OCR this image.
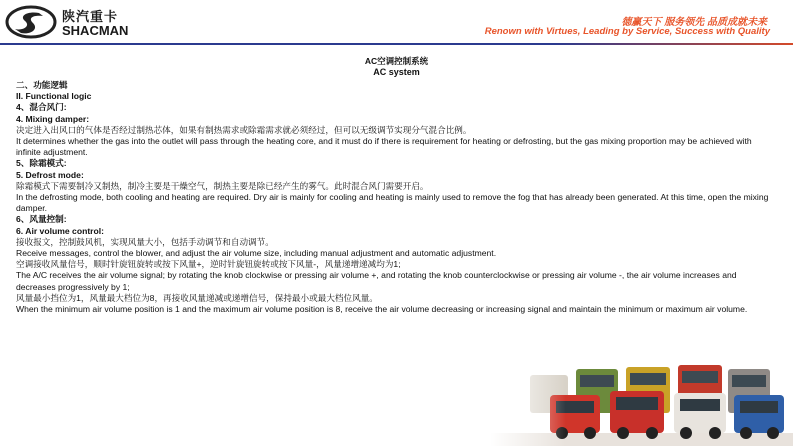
陕汽重卡
SHACMAN
德赢天下 服务领先 品质成就未来
Renown with Virtues, Leading by Service, Success with Quality
AC空调控制系统
AC system
二、功能逻辑
II. Functional logic
4、混合风门:
4. Mixing damper:
决定进入出风口的气体是否经过制热芯体，如果有制热需求或除霜需求就必须经过，但可以无级调节实现分气混合比例。
It determines whether the gas into the outlet will pass through the heating core, and it must do if there is requirement for heating or defrosting, but the gas mixing proportion may be achieved with infinite adjustment.
5、除霜模式:
5. Defrost mode:
除霜模式下需要制冷又制热，制冷主要是干燥空气，制热主要是除已经产生的雾气。此时混合风门需要开启。
In the defrosting mode, both cooling and heating are required. Dry air is mainly for cooling and heating is mainly used to remove the fog that has already been generated. At this time, open the mixing damper.
6、风量控制:
6. Air volume control:
接收报文，控制鼓风机，实现风量大小，包括手动调节和自动调节。
Receive messages, control the blower, and adjust the air volume size, including manual adjustment and automatic adjustment.
空调接收风量信号，顺时针旋钮旋转或按下风量+，逆时针旋钮旋转或按下风量-，风量递增递减均为1;
The A/C receives the air volume signal; by rotating the knob clockwise or pressing air volume +, and rotating the knob counterclockwise or pressing air volume -, the air volume increases and decreases progressively by 1;
风量最小挡位为1，风量最大档位为8，再接收风量递减或递增信号，保持最小或最大档位风量。
When the minimum air volume position is 1 and the maximum air volume position is 8, receive the air volume decreasing or increasing signal and maintain the minimum or maximum air volume.
